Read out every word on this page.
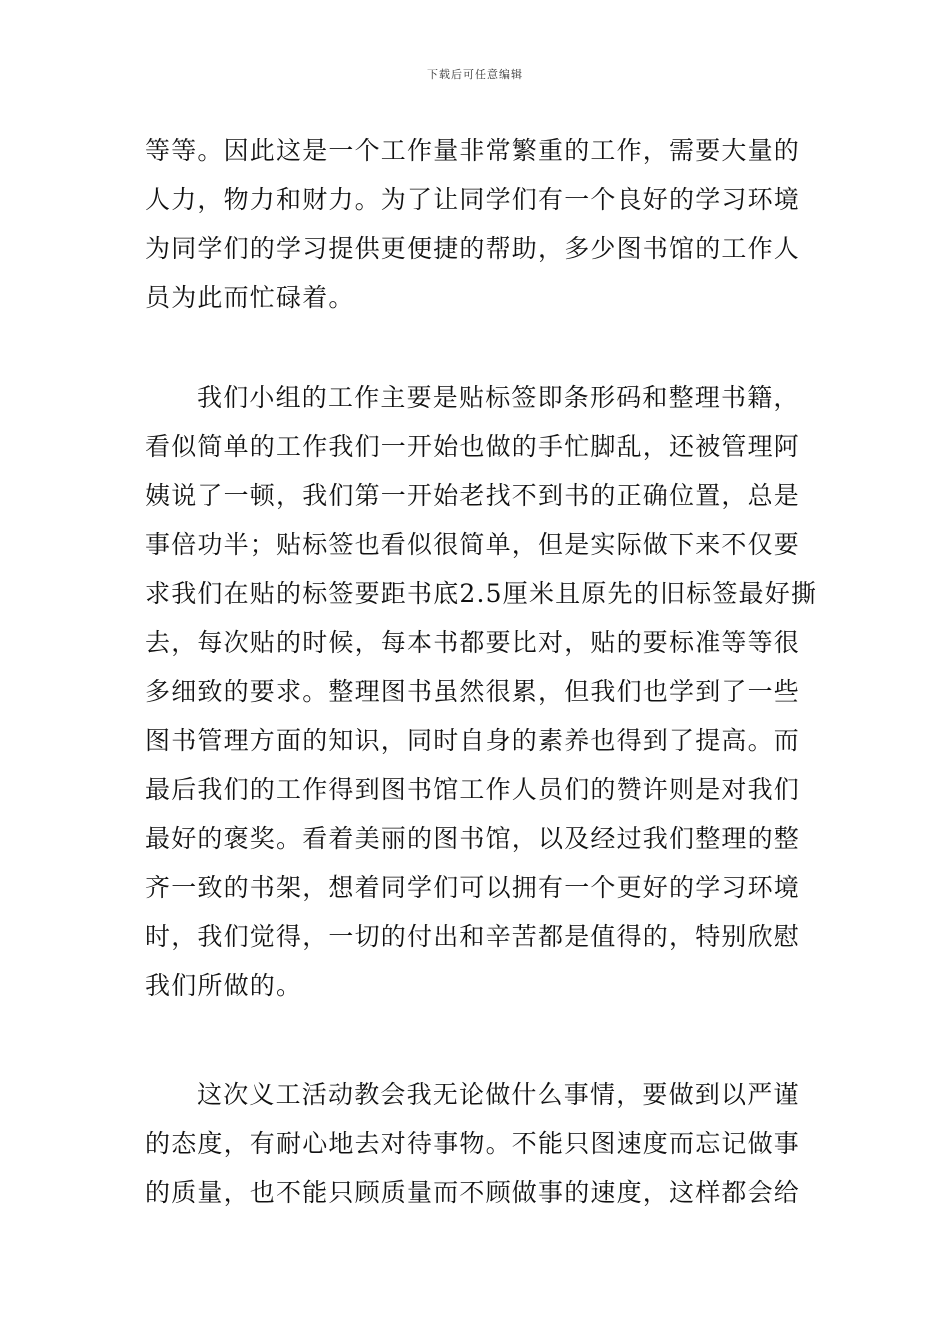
下载后可任意编辑
等等。因此这是一个工作量非常繁重的工作，需要大量的
人力，物力和财力。为了让同学们有一个良好的学习环境
为同学们的学习提供更便捷的帮助，多少图书馆的工作人
员为此而忙碌着。
我们小组的工作主要是贴标签即条形码和整理书籍，
看似简单的工作我们一开始也做的手忙脚乱，还被管理阿
姨说了一顿，我们第一开始老找不到书的正确位置，总是
事倍功半；贴标签也看似很简单，但是实际做下来不仅要
求我们在贴的标签要距书底2.5厘米且原先的旧标签最好撕
去，每次贴的时候，每本书都要比对，贴的要标准等等很
多细致的要求。整理图书虽然很累，但我们也学到了一些
图书管理方面的知识，同时自身的素养也得到了提高。而
最后我们的工作得到图书馆工作人员们的赞许则是对我们
最好的褒奖。看着美丽的图书馆，以及经过我们整理的整
齐一致的书架，想着同学们可以拥有一个更好的学习环境
时，我们觉得，一切的付出和辛苦都是值得的，特别欣慰
我们所做的。
这次义工活动教会我无论做什么事情，要做到以严谨
的态度，有耐心地去对待事物。不能只图速度而忘记做事
的质量，也不能只顾质量而不顾做事的速度，这样都会给
